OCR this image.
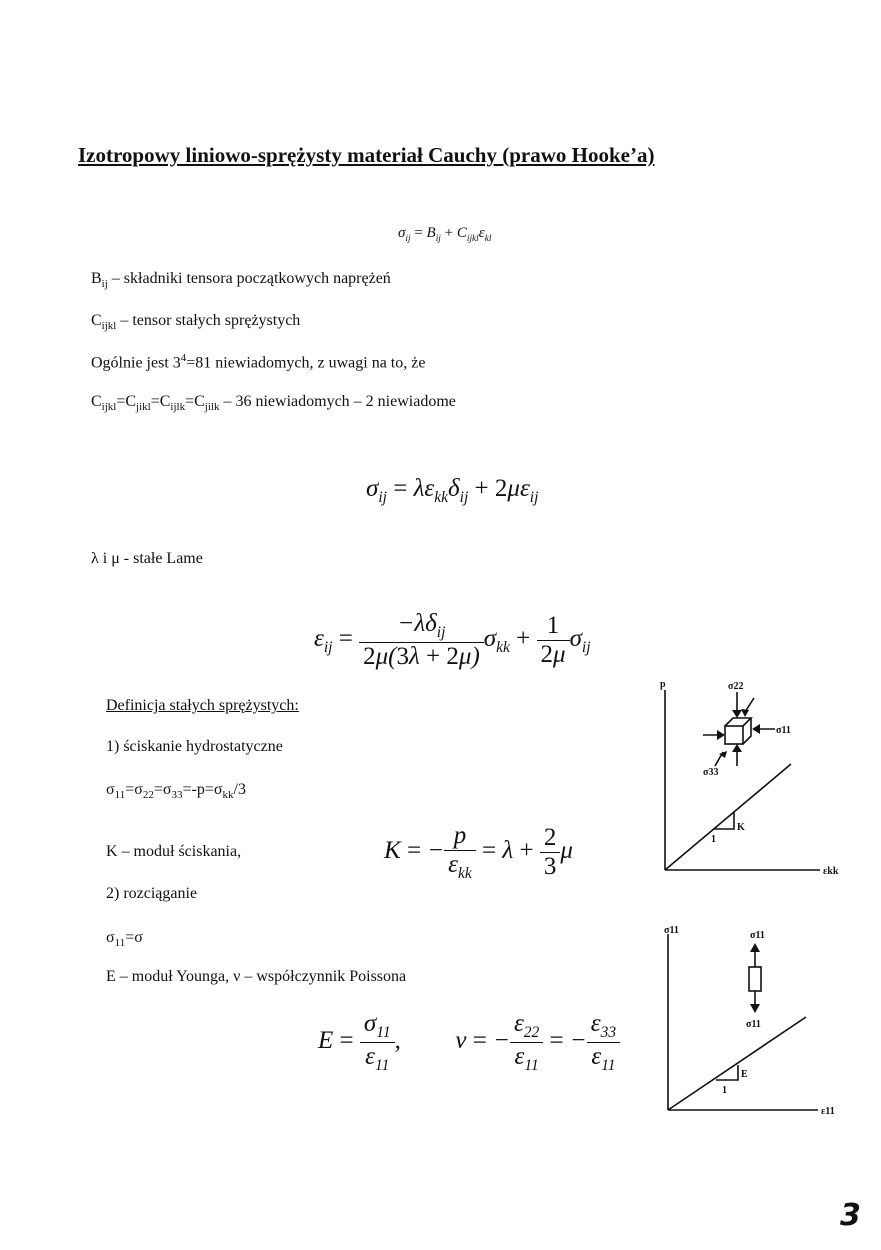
Izotropowy liniowo-sprężysty materiał Cauchy (prawo Hooke’a)
$\sigma_{ij} = B_{ij} + C_{ijkl}\varepsilon_{kl}$
$B_{ij}$ – składniki tensora początkowych naprężeń
$C_{ijkl}$ – tensor stałych sprężystych
Ogólnie jest $3^4=81$ niewiadomych, z uwagi na to, że
$C_{ijkl}=C_{jikl}=C_{ijlk}=C_{jilk} - 36$ niewiadomych – 2 niewiadome
$\sigma_{ij} = \lambda\varepsilon_{kk}\delta_{ij} + 2\mu\varepsilon_{ij}$
λ i μ - stałe Lame
$\varepsilon_{ij} = \frac{-\lambda\delta_{ij}}{2\mu(3\lambda + 2\mu)} \sigma_{kk} + \frac{1}{2\mu} \sigma_{ij}$
Definicja stałych sprężystych:
1) ściskanie hydrostatyczne
$\sigma_{11}=\sigma_{22}=\sigma_{33}=-p=\sigma_{kk}/3$
K – moduł ściskania,	K = − $\frac{p}{\varepsilon_{kk}} = \lambda + \frac{2}{3}$ μ
2) rozciąganie
$\sigma_{11}=\sigma$
E – moduł Younga, ν – współczynnik Poissona
$E = \frac{\sigma_{11}}{\varepsilon_{11}}$ ,  ν = − $\frac{\varepsilon_{22}}{\varepsilon_{11}}$ = − $\frac{\varepsilon_{33}}{\varepsilon_{11}}$
p
εkk
σ22
σ11
σ33
K
1
σ11
ε11
σ11
σ11
E
1
3
